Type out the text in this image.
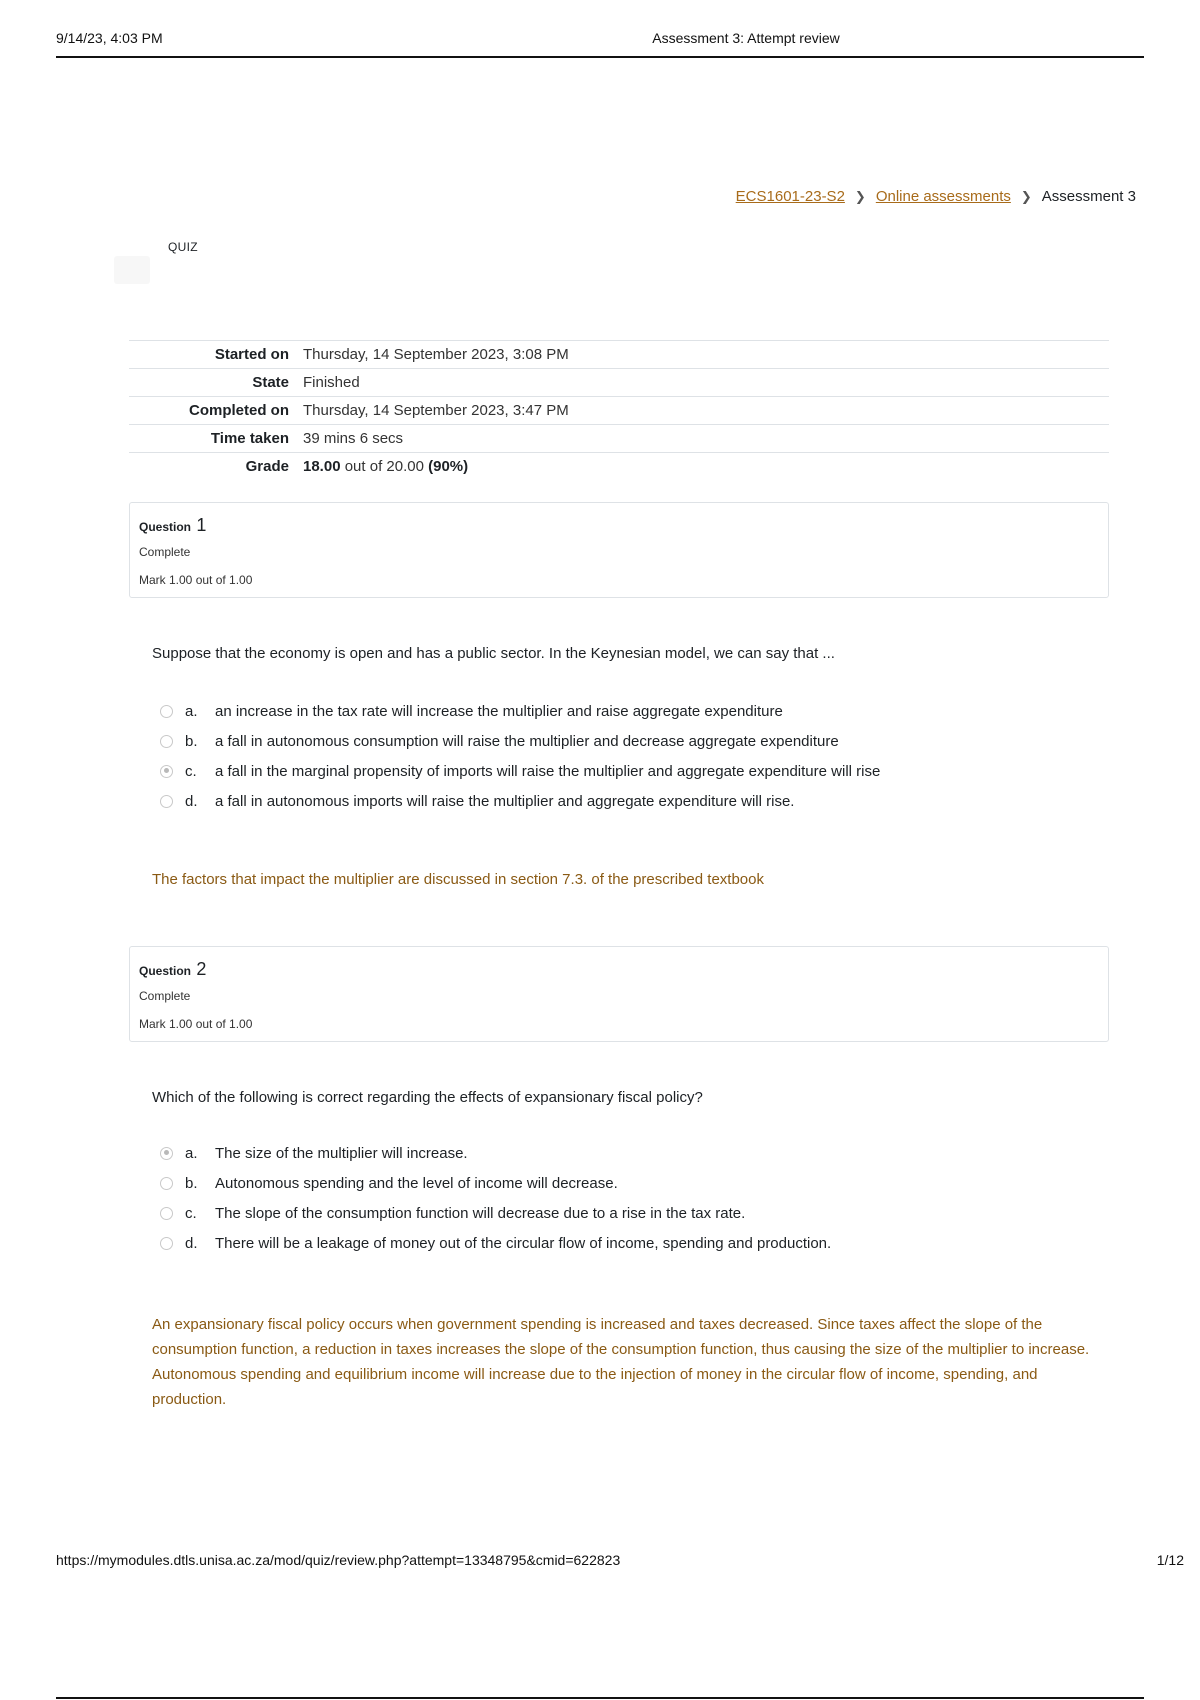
9/14/23, 4:03 PM	Assessment 3: Attempt review
ECS1601-23-S2 ❯ Online assessments ❯ Assessment 3
QUIZ
Started on	Thursday, 14 September 2023, 3:08 PM
State	Finished
Completed on	Thursday, 14 September 2023, 3:47 PM
Time taken	39 mins 6 secs
Grade	18.00 out of 20.00 (90%)
Question 1
Complete
Mark 1.00 out of 1.00
Suppose that the economy is open and has a public sector. In the Keynesian model, we can say that ...
a.	an increase in the tax rate will increase the multiplier and raise aggregate expenditure
b.	a fall in autonomous consumption will raise the multiplier and decrease aggregate expenditure
c.	a fall in the marginal propensity of imports will raise the multiplier and aggregate expenditure will rise
d.	a fall in autonomous imports will raise the multiplier and aggregate expenditure will rise.
The factors that impact the multiplier are discussed in section 7.3. of the prescribed textbook
Question 2
Complete
Mark 1.00 out of 1.00
Which of the following is correct regarding the effects of expansionary fiscal policy?
a.	The size of the multiplier will increase.
b.	Autonomous spending and the level of income will decrease.
c.	The slope of the consumption function will decrease due to a rise in the tax rate.
d.	There will be a leakage of money out of the circular flow of income, spending and production.
An expansionary fiscal policy occurs when government spending is increased and taxes decreased. Since taxes affect the slope of the consumption function, a reduction in taxes increases the slope of the consumption function, thus causing the size of the multiplier to increase. Autonomous spending and equilibrium income will increase due to the injection of money in the circular flow of income, spending, and production.
https://mymodules.dtls.unisa.ac.za/mod/quiz/review.php?attempt=13348795&cmid=622823	1/12
